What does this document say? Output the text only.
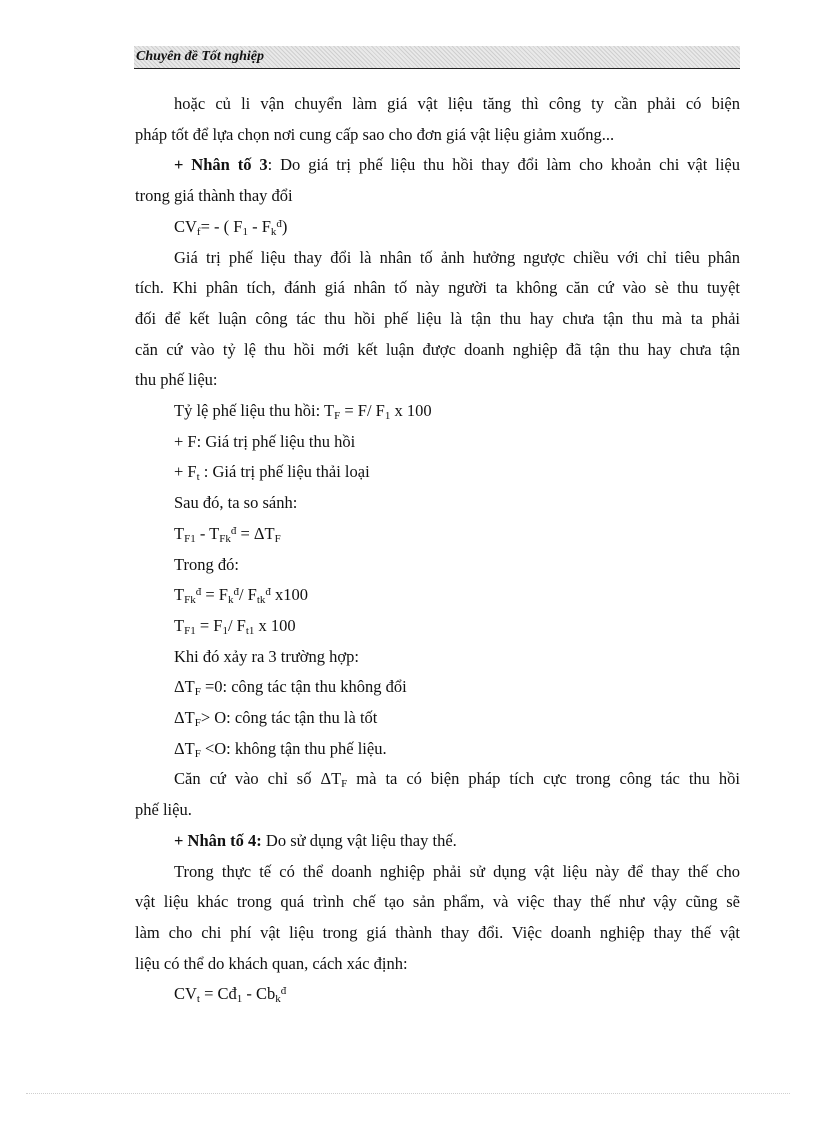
Chuyên đề Tốt nghiệp

hoặc củ li vận chuyển làm giá vật liệu tăng thì công ty cần phải có biện

pháp tốt để lựa chọn nơi cung cấp sao cho đơn giá vật liệu giảm xuống...

+ Nhân tố 3: Do giá trị phế liệu thu hồi thay đổi làm cho khoản chi vật liệu

trong giá thành thay đổi

$CV_f=$ - ( $F_1 - F_k^đ$)

Giá trị phế liệu thay đổi là nhân tố ảnh hưởng ngược chiều với chỉ tiêu phân

tích. Khi phân tích, đánh giá nhân tố này người ta không căn cứ vào sè thu tuyệt

đối để kết luận công tác thu hồi phế liệu là tận thu hay chưa tận thu mà ta phải

căn cứ vào tỷ lệ thu hồi mới kết luận được doanh nghiệp đã tận thu hay chưa tận

thu phế liệu:

Tỷ lệ phế liệu thu hồi: $T_F = F/$ $F_1$ x 100

+ F: Giá trị phế liệu thu hồi

+ $F_t$ : Giá trị phế liệu thải loại

Sau đó, ta so sánh:

$T_{F1} - T_{Fk}^đ = \Delta T_F$

Trong đó:

$T_{Fk}^đ = F_k^đ/$ $F_{tk}^đ$ x100

$T_{F1} = F_1/$ $F_{t1}$ x 100

Khi đó xảy ra 3 trường hợp:

$\Delta T_F =0$: công tác tận thu không đổi

$\Delta T_F> O$: công tác tận thu là tốt

$\Delta T_F <O$: không tận thu phế liệu.

Căn cứ vào chỉ số $\Delta T_F$ mà ta có biện pháp tích cực trong công tác thu hồi

phế liệu.

+ Nhân tố 4: Do sử dụng vật liệu thay thế.

Trong thực tế có thể doanh nghiệp phải sử dụng vật liệu này để thay thế cho

vật liệu khác trong quá trình chế tạo sản phẩm, và việc thay thế như vậy cũng sẽ

làm cho chi phí vật liệu trong giá thành thay đổi. Việc doanh nghiệp thay thế vật

liệu có thể do khách quan, cách xác định:

$CV_t$ = $Cđ_1 - Cb_k^đ$
